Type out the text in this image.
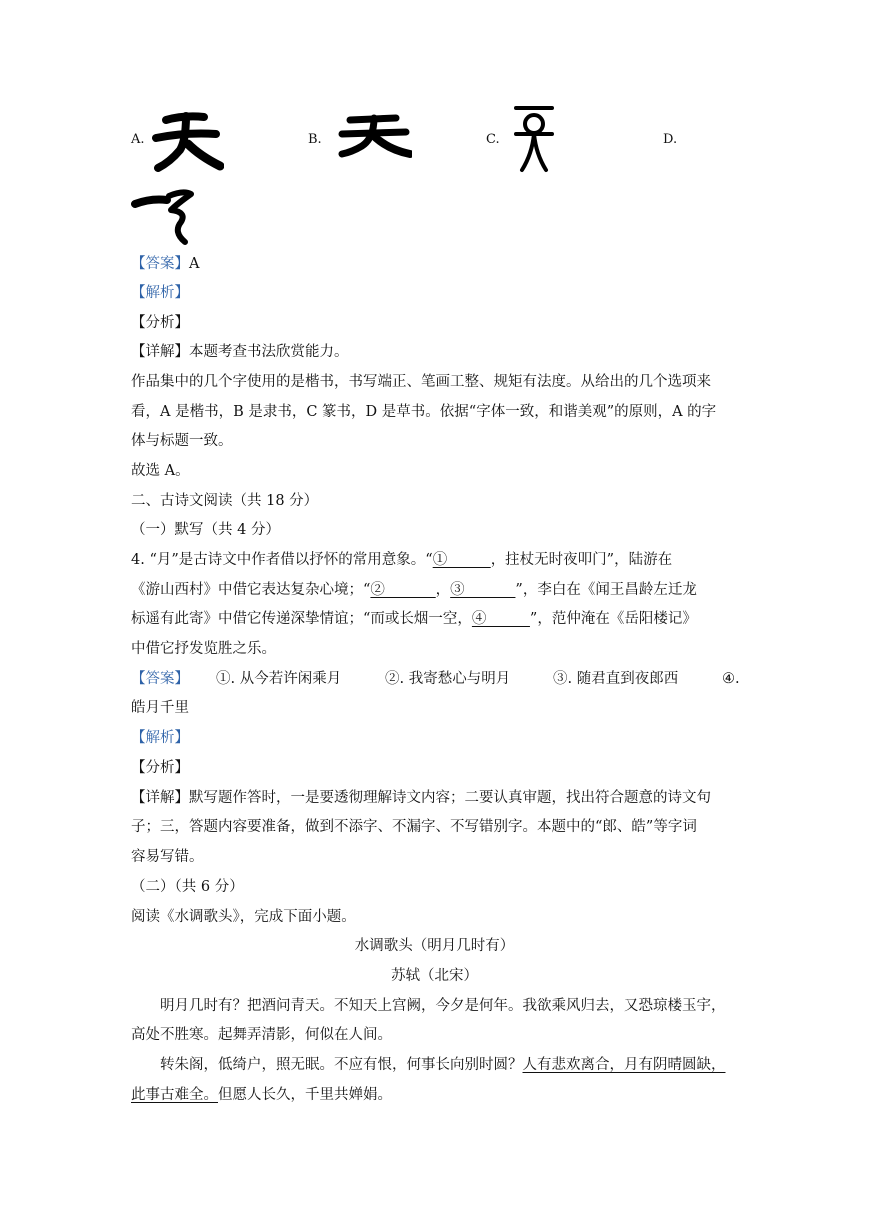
A.	B.	C.	D.
【答案】A
【解析】
【分析】
【详解】本题考查书法欣赏能力。
作品集中的几个字使用的是楷书，书写端正、笔画工整、规矩有法度。从给出的几个选项来
看，A 是楷书，B 是隶书，C 篆书，D 是草书。依据“字体一致，和谐美观”的原则，A 的字
体与标题一致。
故选 A。
二、古诗文阅读（共 18 分）
（一）默写（共 4 分）
4. “月”是古诗文中作者借以抒怀的常用意象。“①______，拄杖无时夜叩门”，陆游在
《游山西村》中借它表达复杂心境；“②_______，③_______”，李白在《闻王昌龄左迁龙
标遥有此寄》中借它传递深挚情谊；“而或长烟一空，④______”，范仲淹在《岳阳楼记》
中借它抒发览胜之乐。
【答案】 ①. 从今若许闲乘月	②. 我寄愁心与明月	③. 随君直到夜郎西	④.
皓月千里
【解析】
【分析】
【详解】默写题作答时，一是要透彻理解诗文内容；二要认真审题，找出符合题意的诗文句
子；三，答题内容要准备，做到不添字、不漏字、不写错别字。本题中的“郎、皓”等字词
容易写错。
（二）（共 6 分）
阅读《水调歌头》，完成下面小题。
水调歌头（明月几时有）
苏轼（北宋）
明月几时有？把酒问青天。不知天上宫阙，今夕是何年。我欲乘风归去，又恐琼楼玉宇，
高处不胜寒。起舞弄清影，何似在人间。
转朱阁，低绮户，照无眠。不应有恨，何事长向别时圆？人有悲欢离合，月有阴晴圆缺，
此事古难全。但愿人长久，千里共婵娟。
